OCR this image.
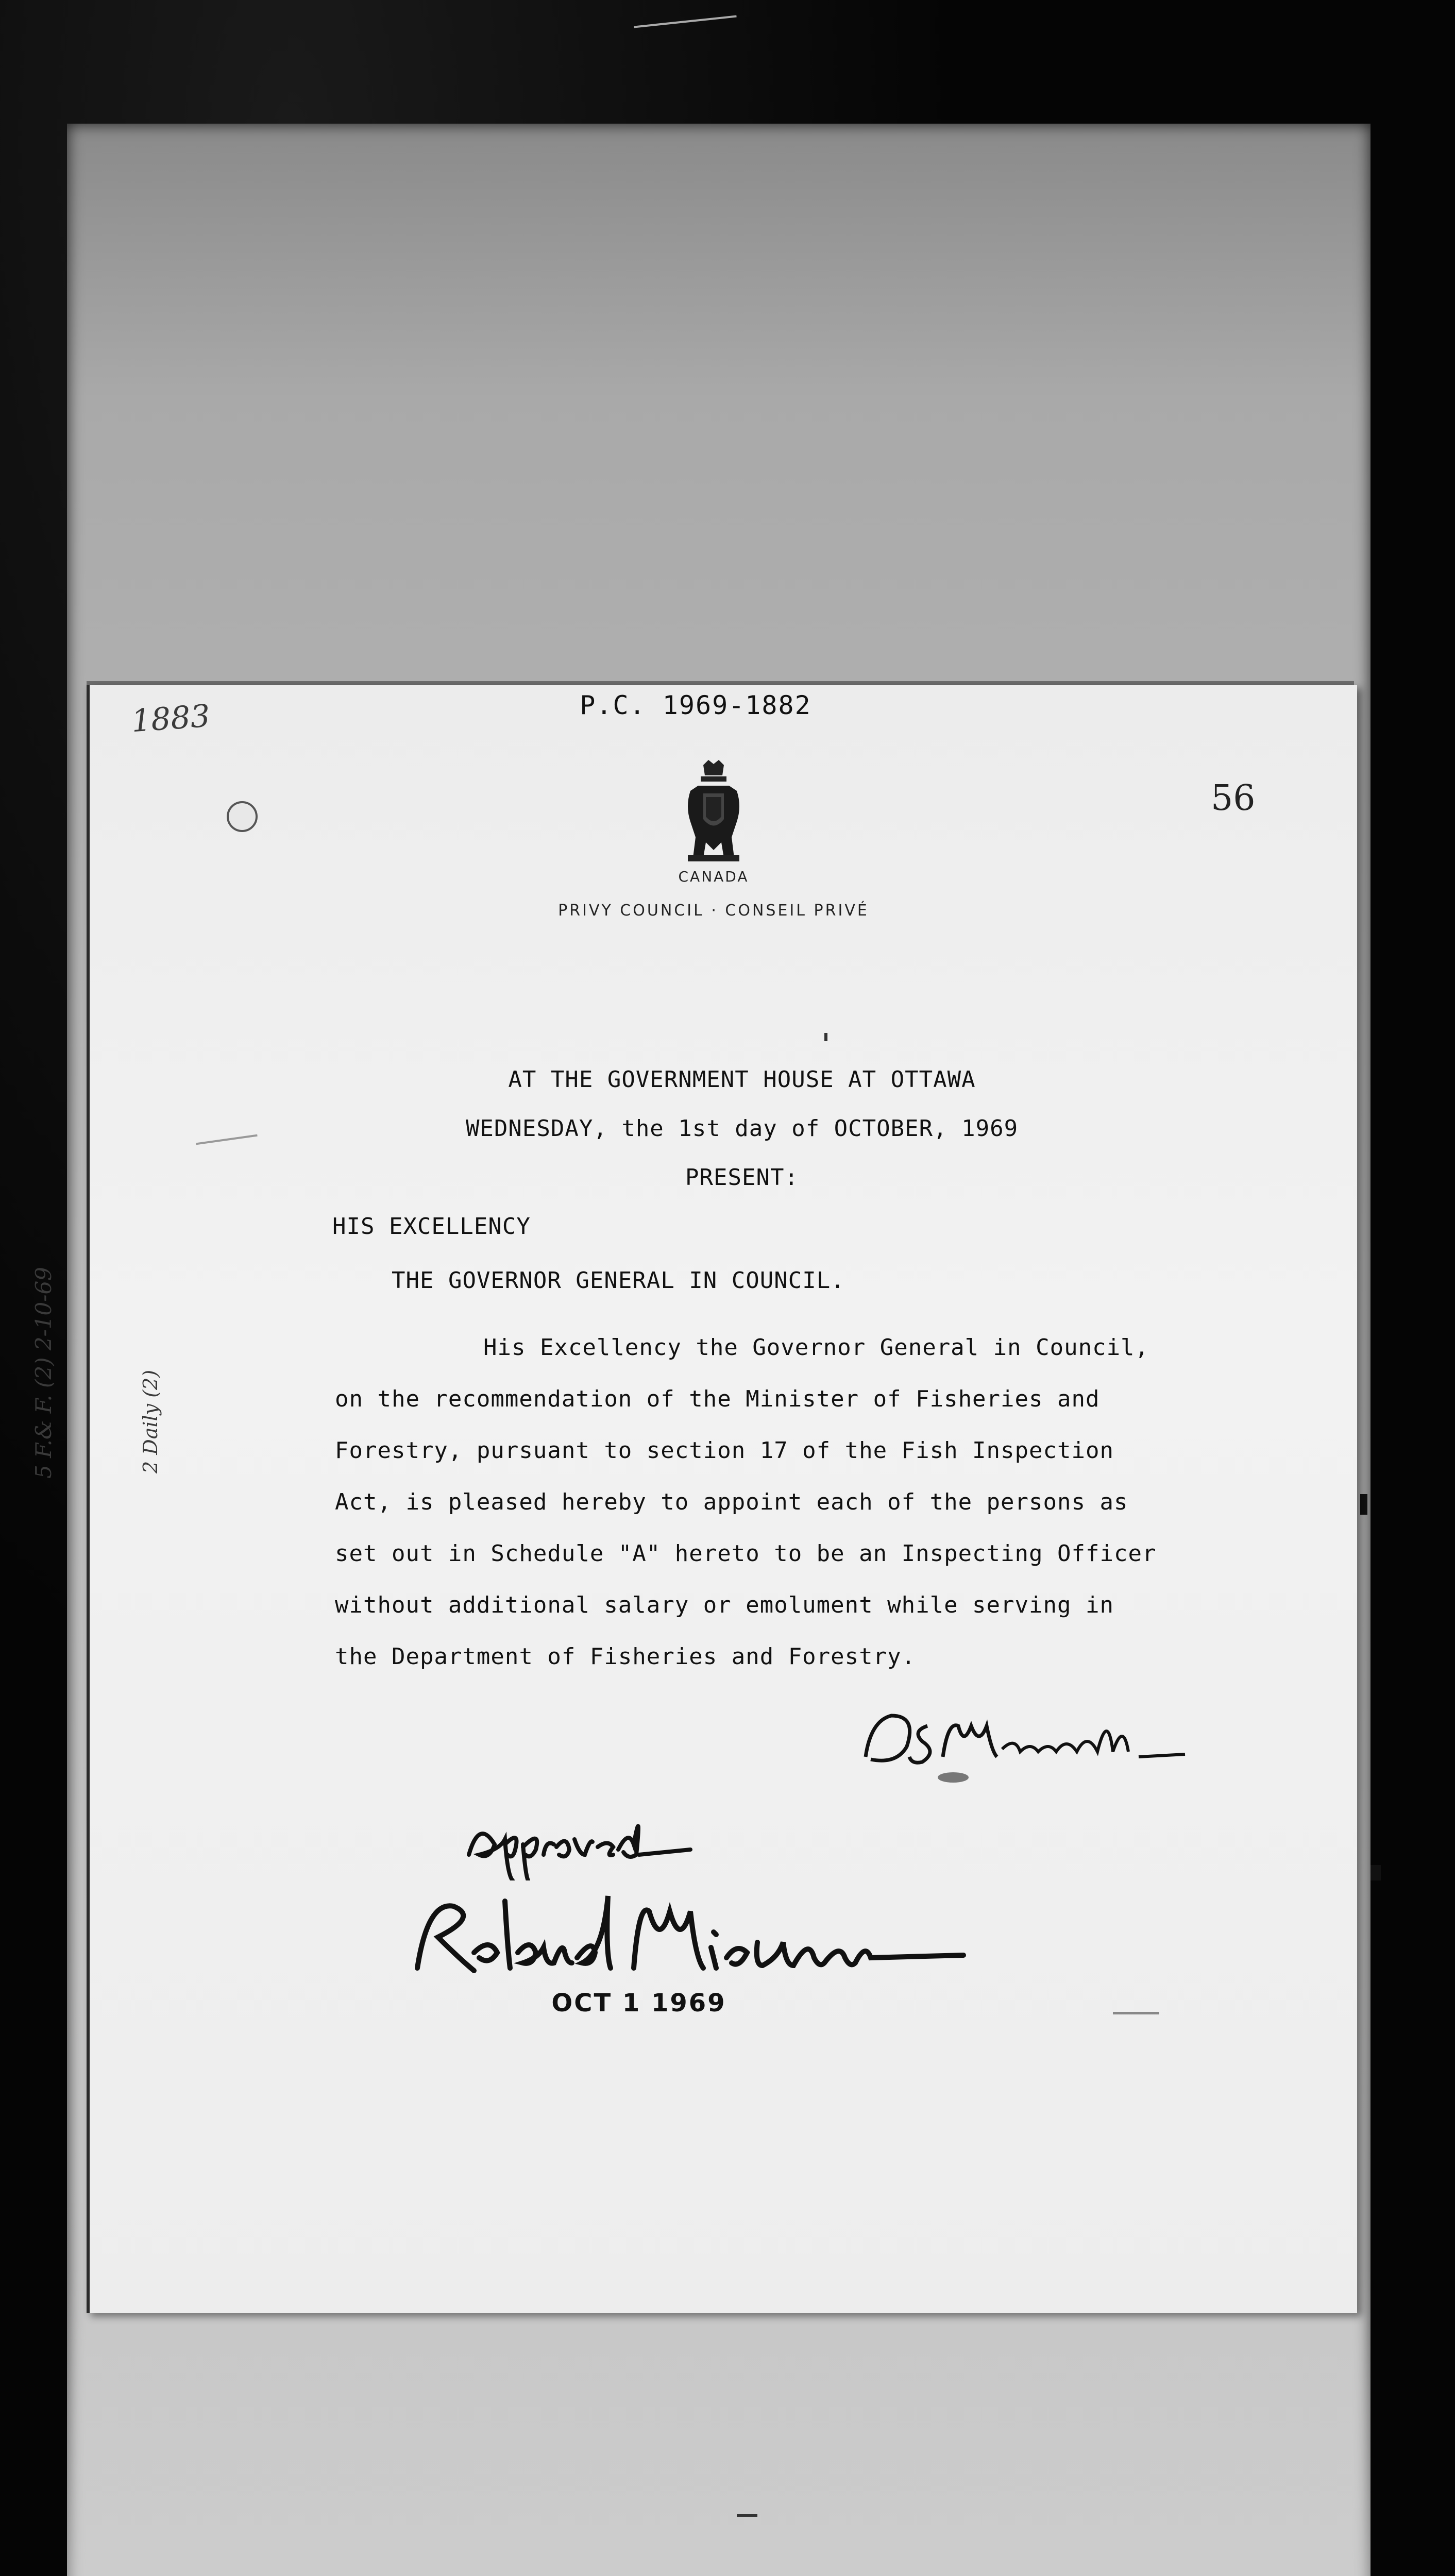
1883
5 F.& F. (2) 2-10-69	2 Daily (2)
P.C. 1969-1882
56
CANADA
PRIVY COUNCIL · CONSEIL PRIVÉ
AT THE GOVERNMENT HOUSE AT OTTAWA
WEDNESDAY, the 1st day of OCTOBER, 1969
PRESENT:
HIS EXCELLENCY
THE GOVERNOR GENERAL IN COUNCIL.
His Excellency the Governor General in Council,
on the recommendation of the Minister of Fisheries and
Forestry, pursuant to section 17 of the Fish Inspection
Act, is pleased hereby to appoint each of the persons as
set out in Schedule "A" hereto to be an Inspecting Officer
without additional salary or emolument while serving in
the Department of Fisheries and Forestry.
OCT 1 1969
